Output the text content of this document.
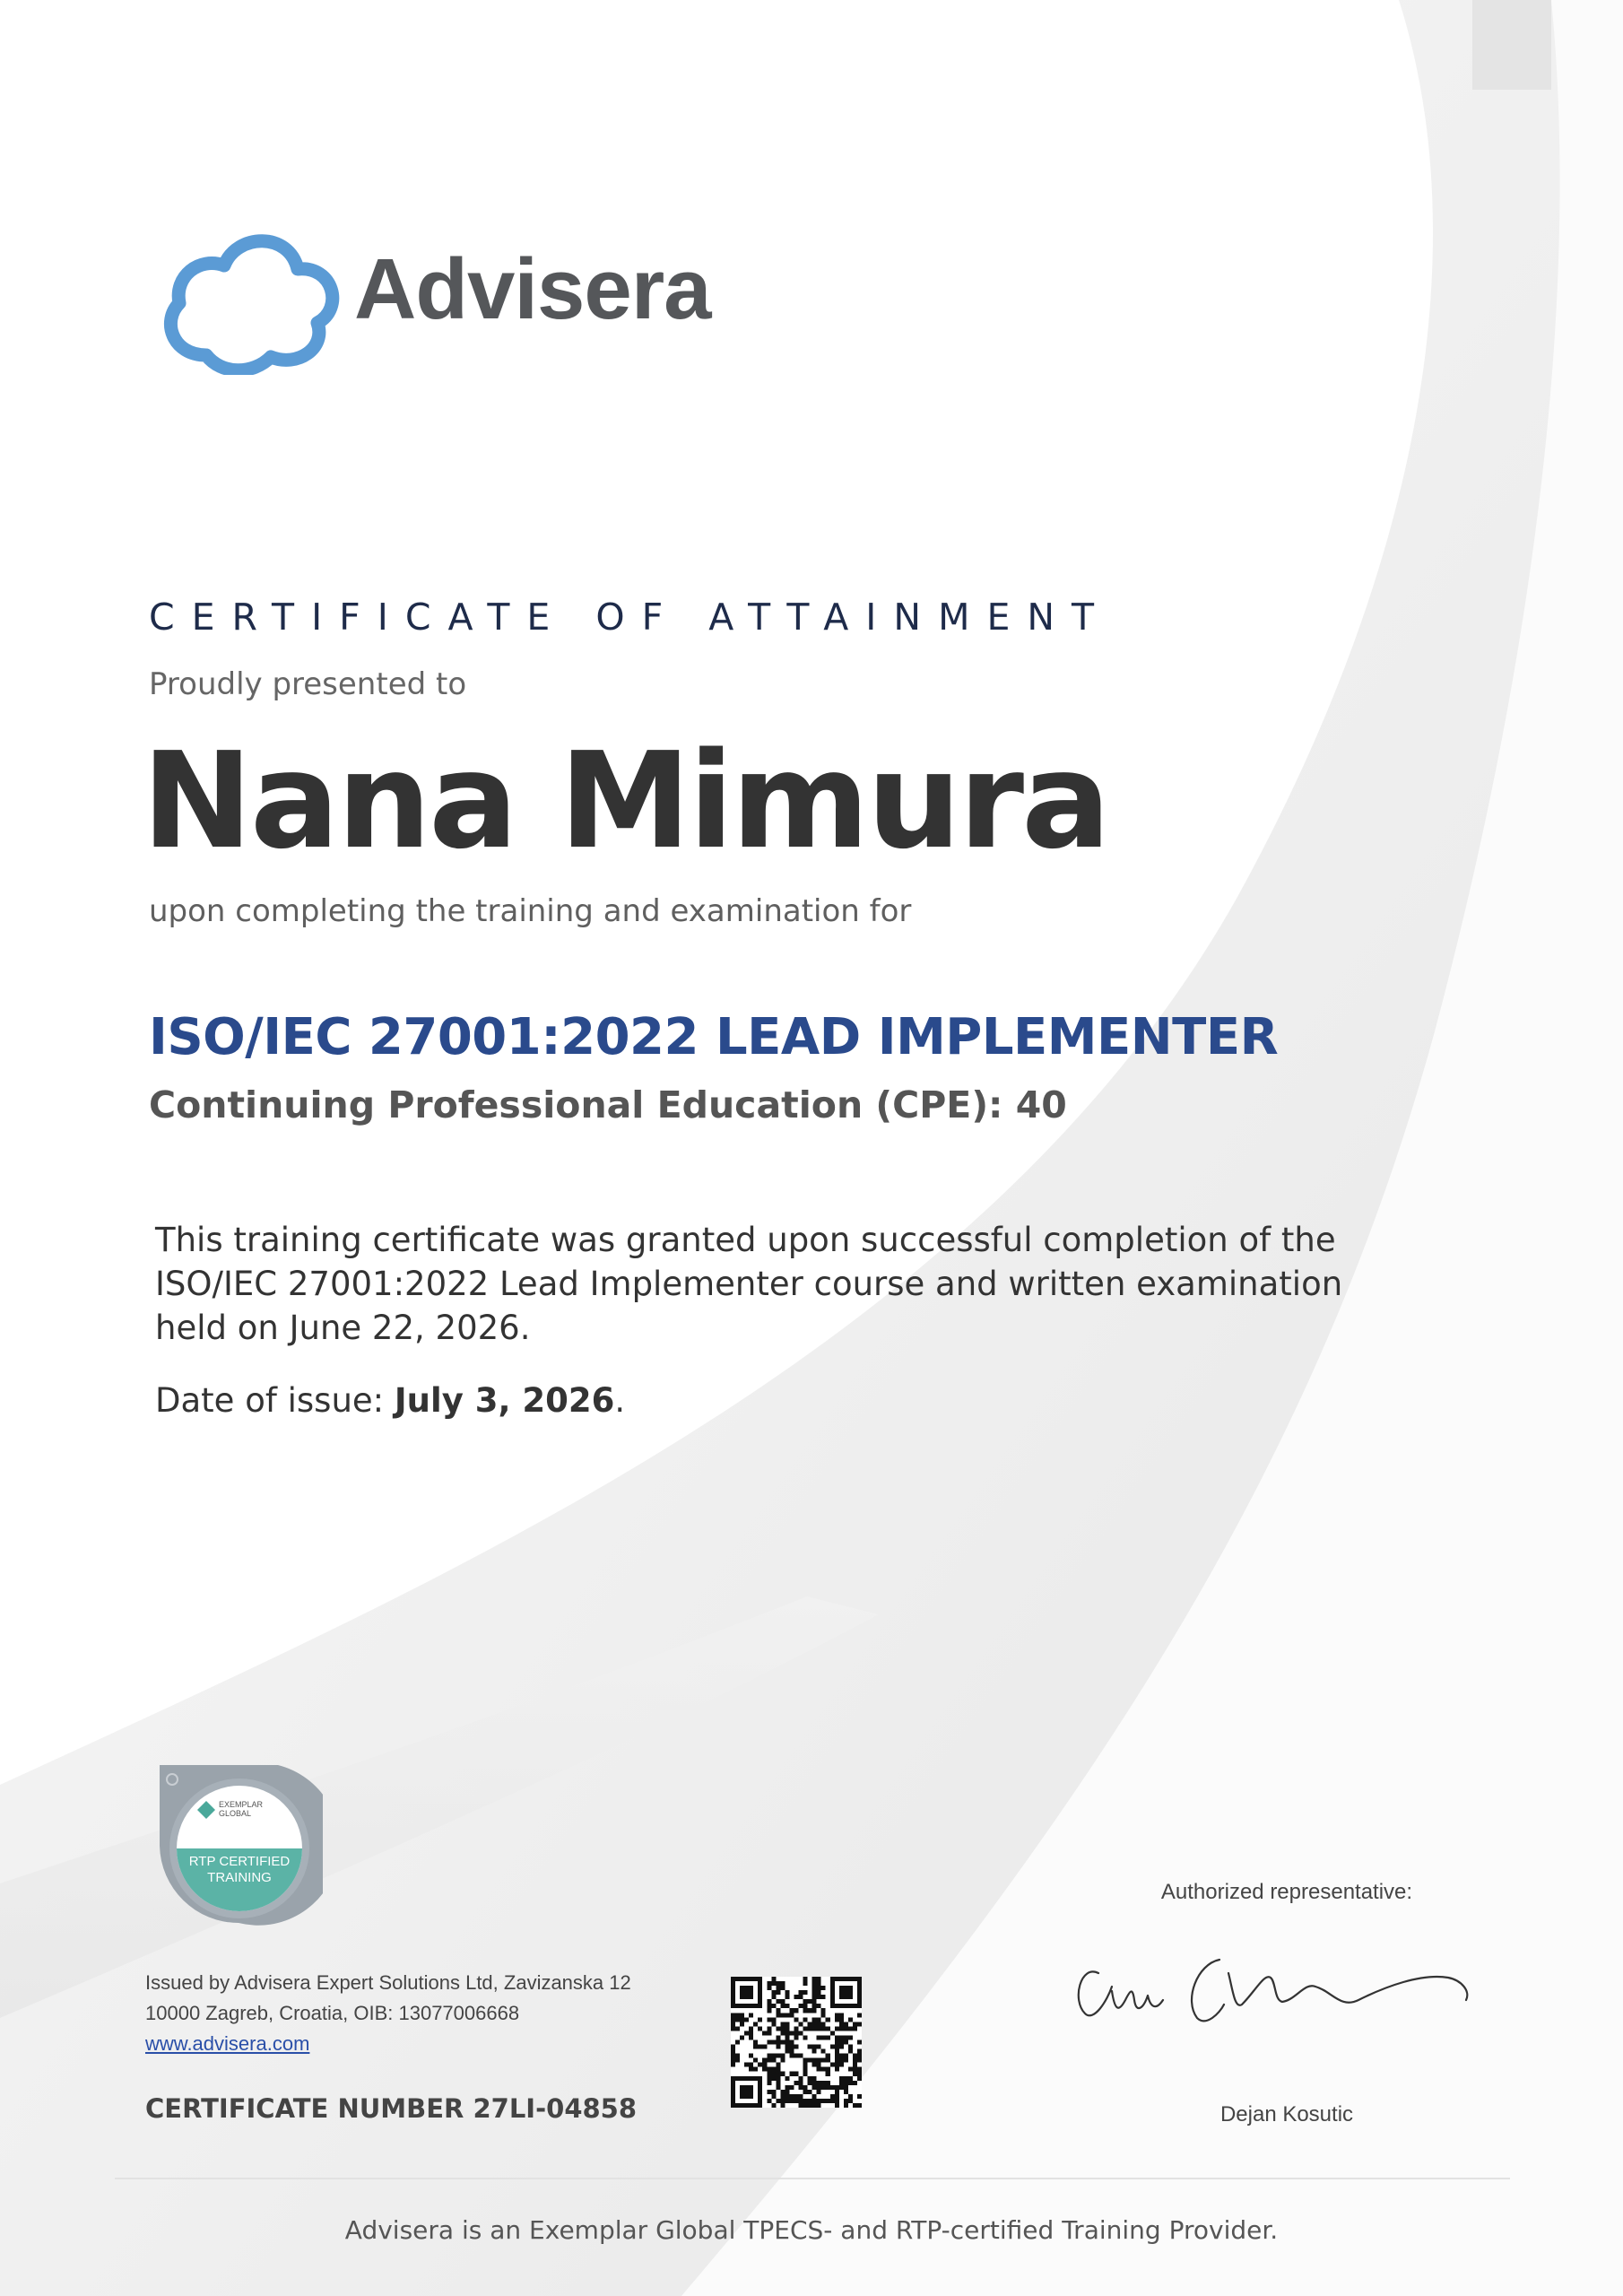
Advisera
CERTIFICATE OF ATTAINMENT
Proudly presented to
Nana Mimura
upon completing the training and examination for
ISO/IEC 27001:2022 LEAD IMPLEMENTER
Continuing Professional Education (CPE): 40
This training certificate was granted upon successful completion of the ISO/IEC 27001:2022 Lead Implementer course and written examination held on June 22, 2026.
Date of issue: July 3, 2026.
EXEMPLAR
GLOBAL
RTP CERTIFIED
TRAINING
Issued by Advisera Expert Solutions Ltd, Zavizanska 12
10000 Zagreb, Croatia, OIB: 13077006668
www.advisera.com
CERTIFICATE NUMBER 27LI-04858
Authorized representative:
Dejan Kosutic
Advisera is an Exemplar Global TPECS- and RTP-certified Training Provider.
